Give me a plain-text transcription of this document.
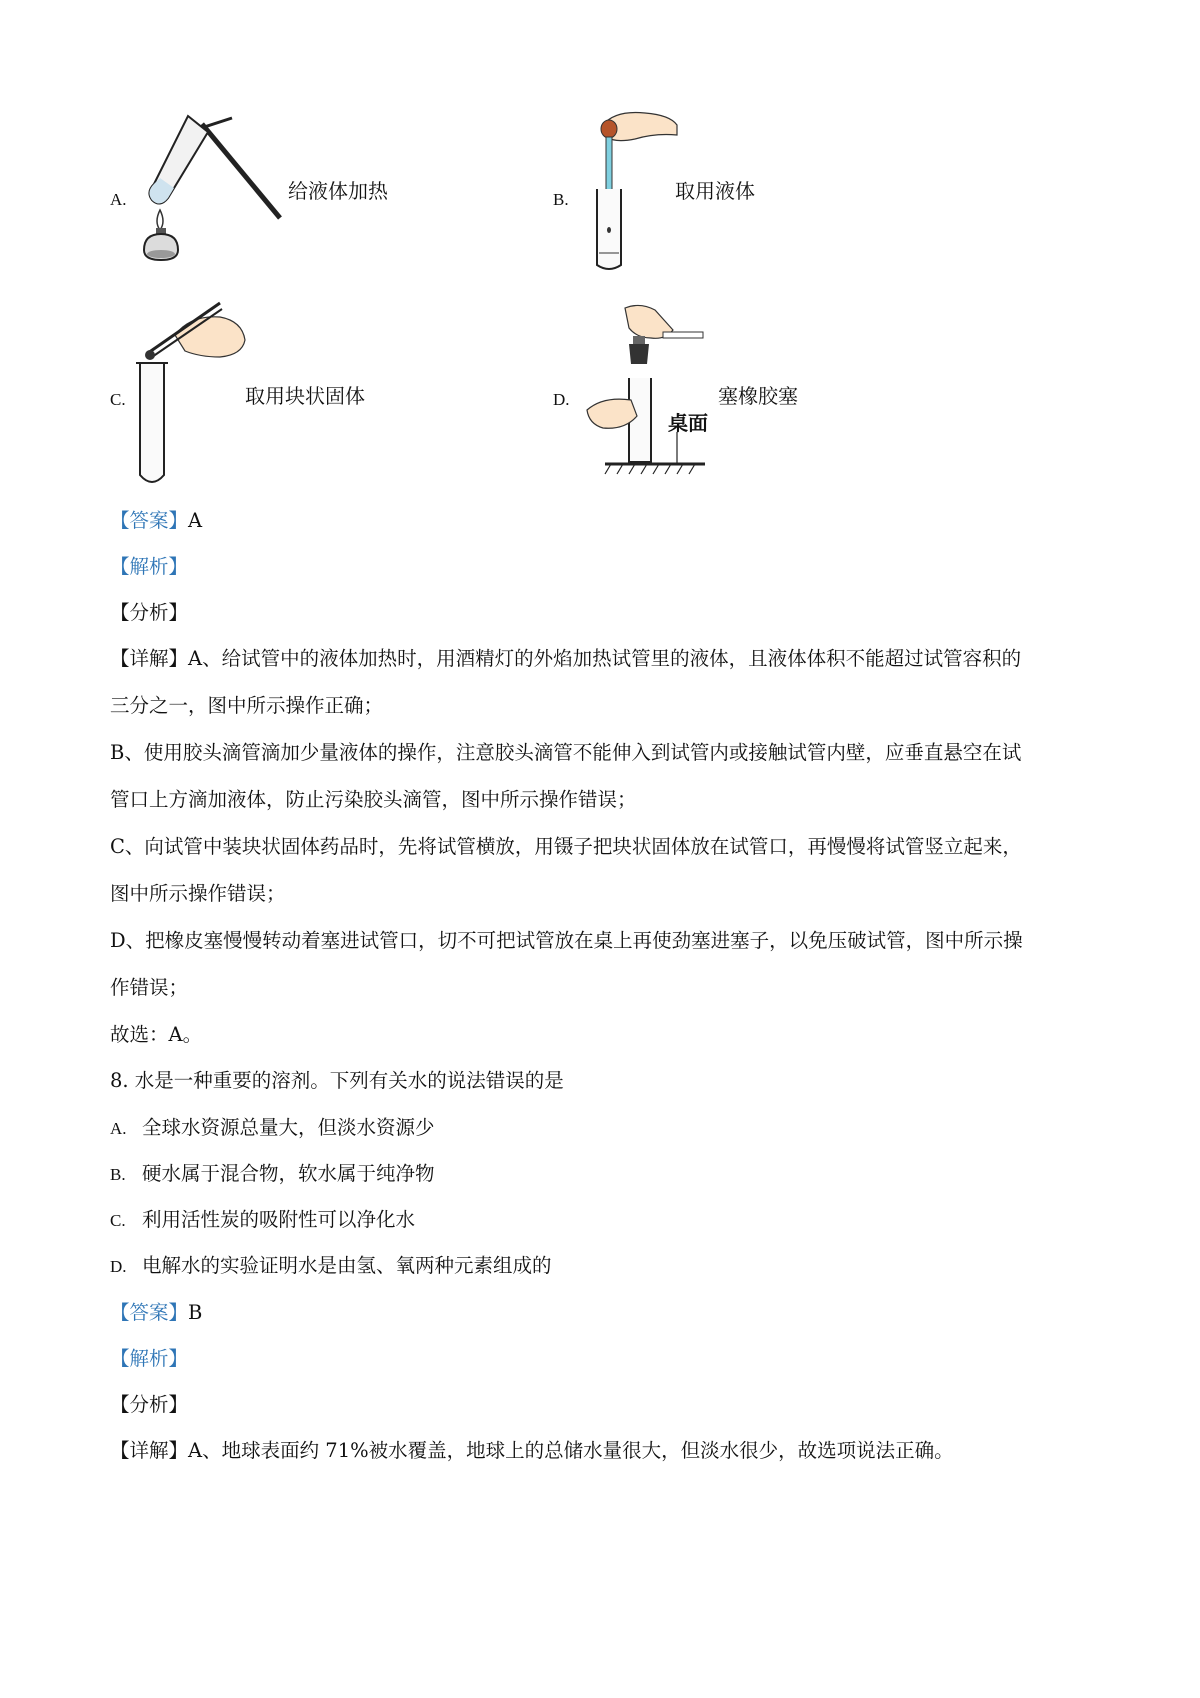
A.	给液体加热	B.	取用液体
C.	取用块状固体	D.
桌面
塞橡胶塞
【答案】A
【解析】
【分析】
【详解】A、给试管中的液体加热时，用酒精灯的外焰加热试管里的液体，且液体体积不能超过试管容积的
三分之一，图中所示操作正确；
B、使用胶头滴管滴加少量液体的操作，注意胶头滴管不能伸入到试管内或接触试管内壁，应垂直悬空在试
管口上方滴加液体，防止污染胶头滴管，图中所示操作错误；
C、向试管中装块状固体药品时，先将试管横放，用镊子把块状固体放在试管口，再慢慢将试管竖立起来，
图中所示操作错误；
D、把橡皮塞慢慢转动着塞进试管口，切不可把试管放在桌上再使劲塞进塞子，以免压破试管，图中所示操
作错误；
故选：A。
8. 水是一种重要的溶剂。下列有关水的说法错误的是
A. 全球水资源总量大，但淡水资源少
B. 硬水属于混合物，软水属于纯净物
C. 利用活性炭的吸附性可以净化水
D. 电解水的实验证明水是由氢、氧两种元素组成的
【答案】B
【解析】
【分析】
【详解】A、地球表面约 71%被水覆盖，地球上的总储水量很大，但淡水很少，故选项说法正确。
